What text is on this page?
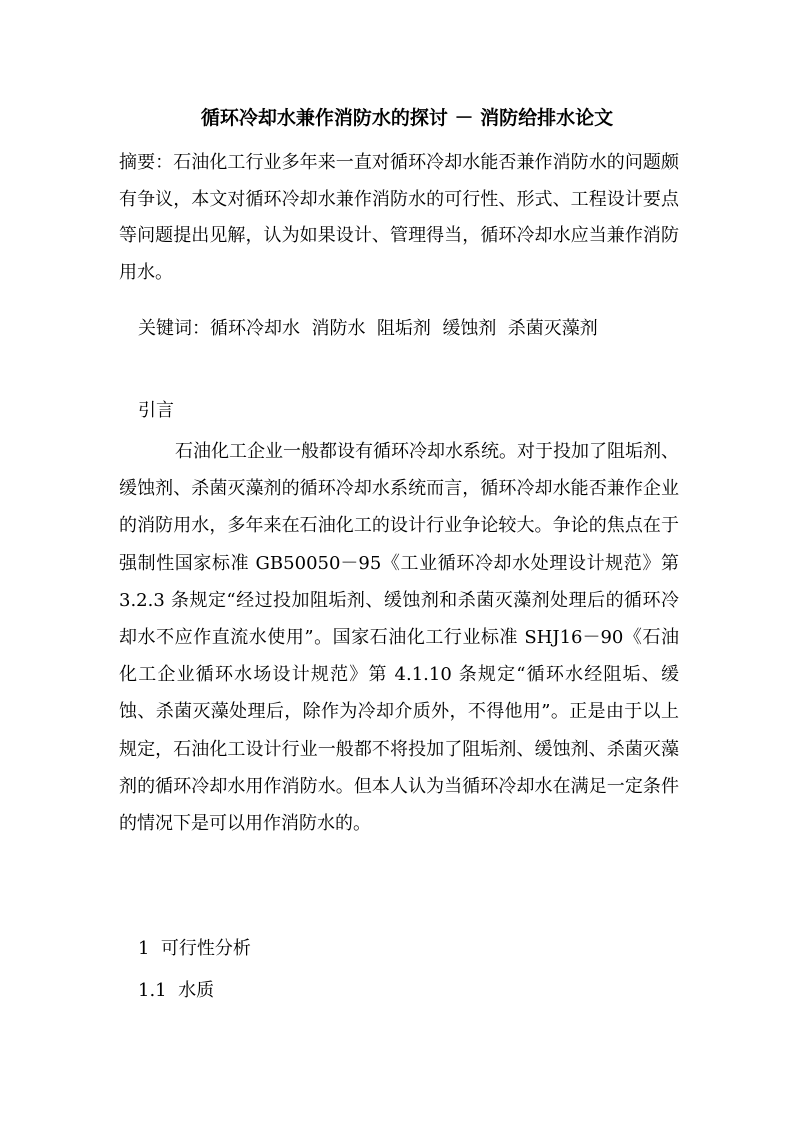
循环冷却水兼作消防水的探讨 － 消防给排水论文

摘要：石油化工行业多年来一直对循环冷却水能否兼作消防水的问题颇有争议，本文对循环冷却水兼作消防水的可行性、形式、工程设计要点等问题提出见解，认为如果设计、管理得当，循环冷却水应当兼作消防用水。

关键词：循环冷却水  消防水  阻垢剂  缓蚀剂  杀菌灭藻剂

引言

石油化工企业一般都设有循环冷却水系统。对于投加了阻垢剂、缓蚀剂、杀菌灭藻剂的循环冷却水系统而言，循环冷却水能否兼作企业的消防用水，多年来在石油化工的设计行业争论较大。争论的焦点在于强制性国家标准 GB50050－95《工业循环冷却水处理设计规范》第 3.2.3 条规定“经过投加阻垢剂、缓蚀剂和杀菌灭藻剂处理后的循环冷却水不应作直流水使用”。国家石油化工行业标准 SHJ16－90《石油化工企业循环水场设计规范》第 4.1.10 条规定“循环水经阻垢、缓蚀、杀菌灭藻处理后，除作为冷却介质外，不得他用”。正是由于以上规定，石油化工设计行业一般都不将投加了阻垢剂、缓蚀剂、杀菌灭藻剂的循环冷却水用作消防水。但本人认为当循环冷却水在满足一定条件的情况下是可以用作消防水的。

1  可行性分析

1.1  水质
